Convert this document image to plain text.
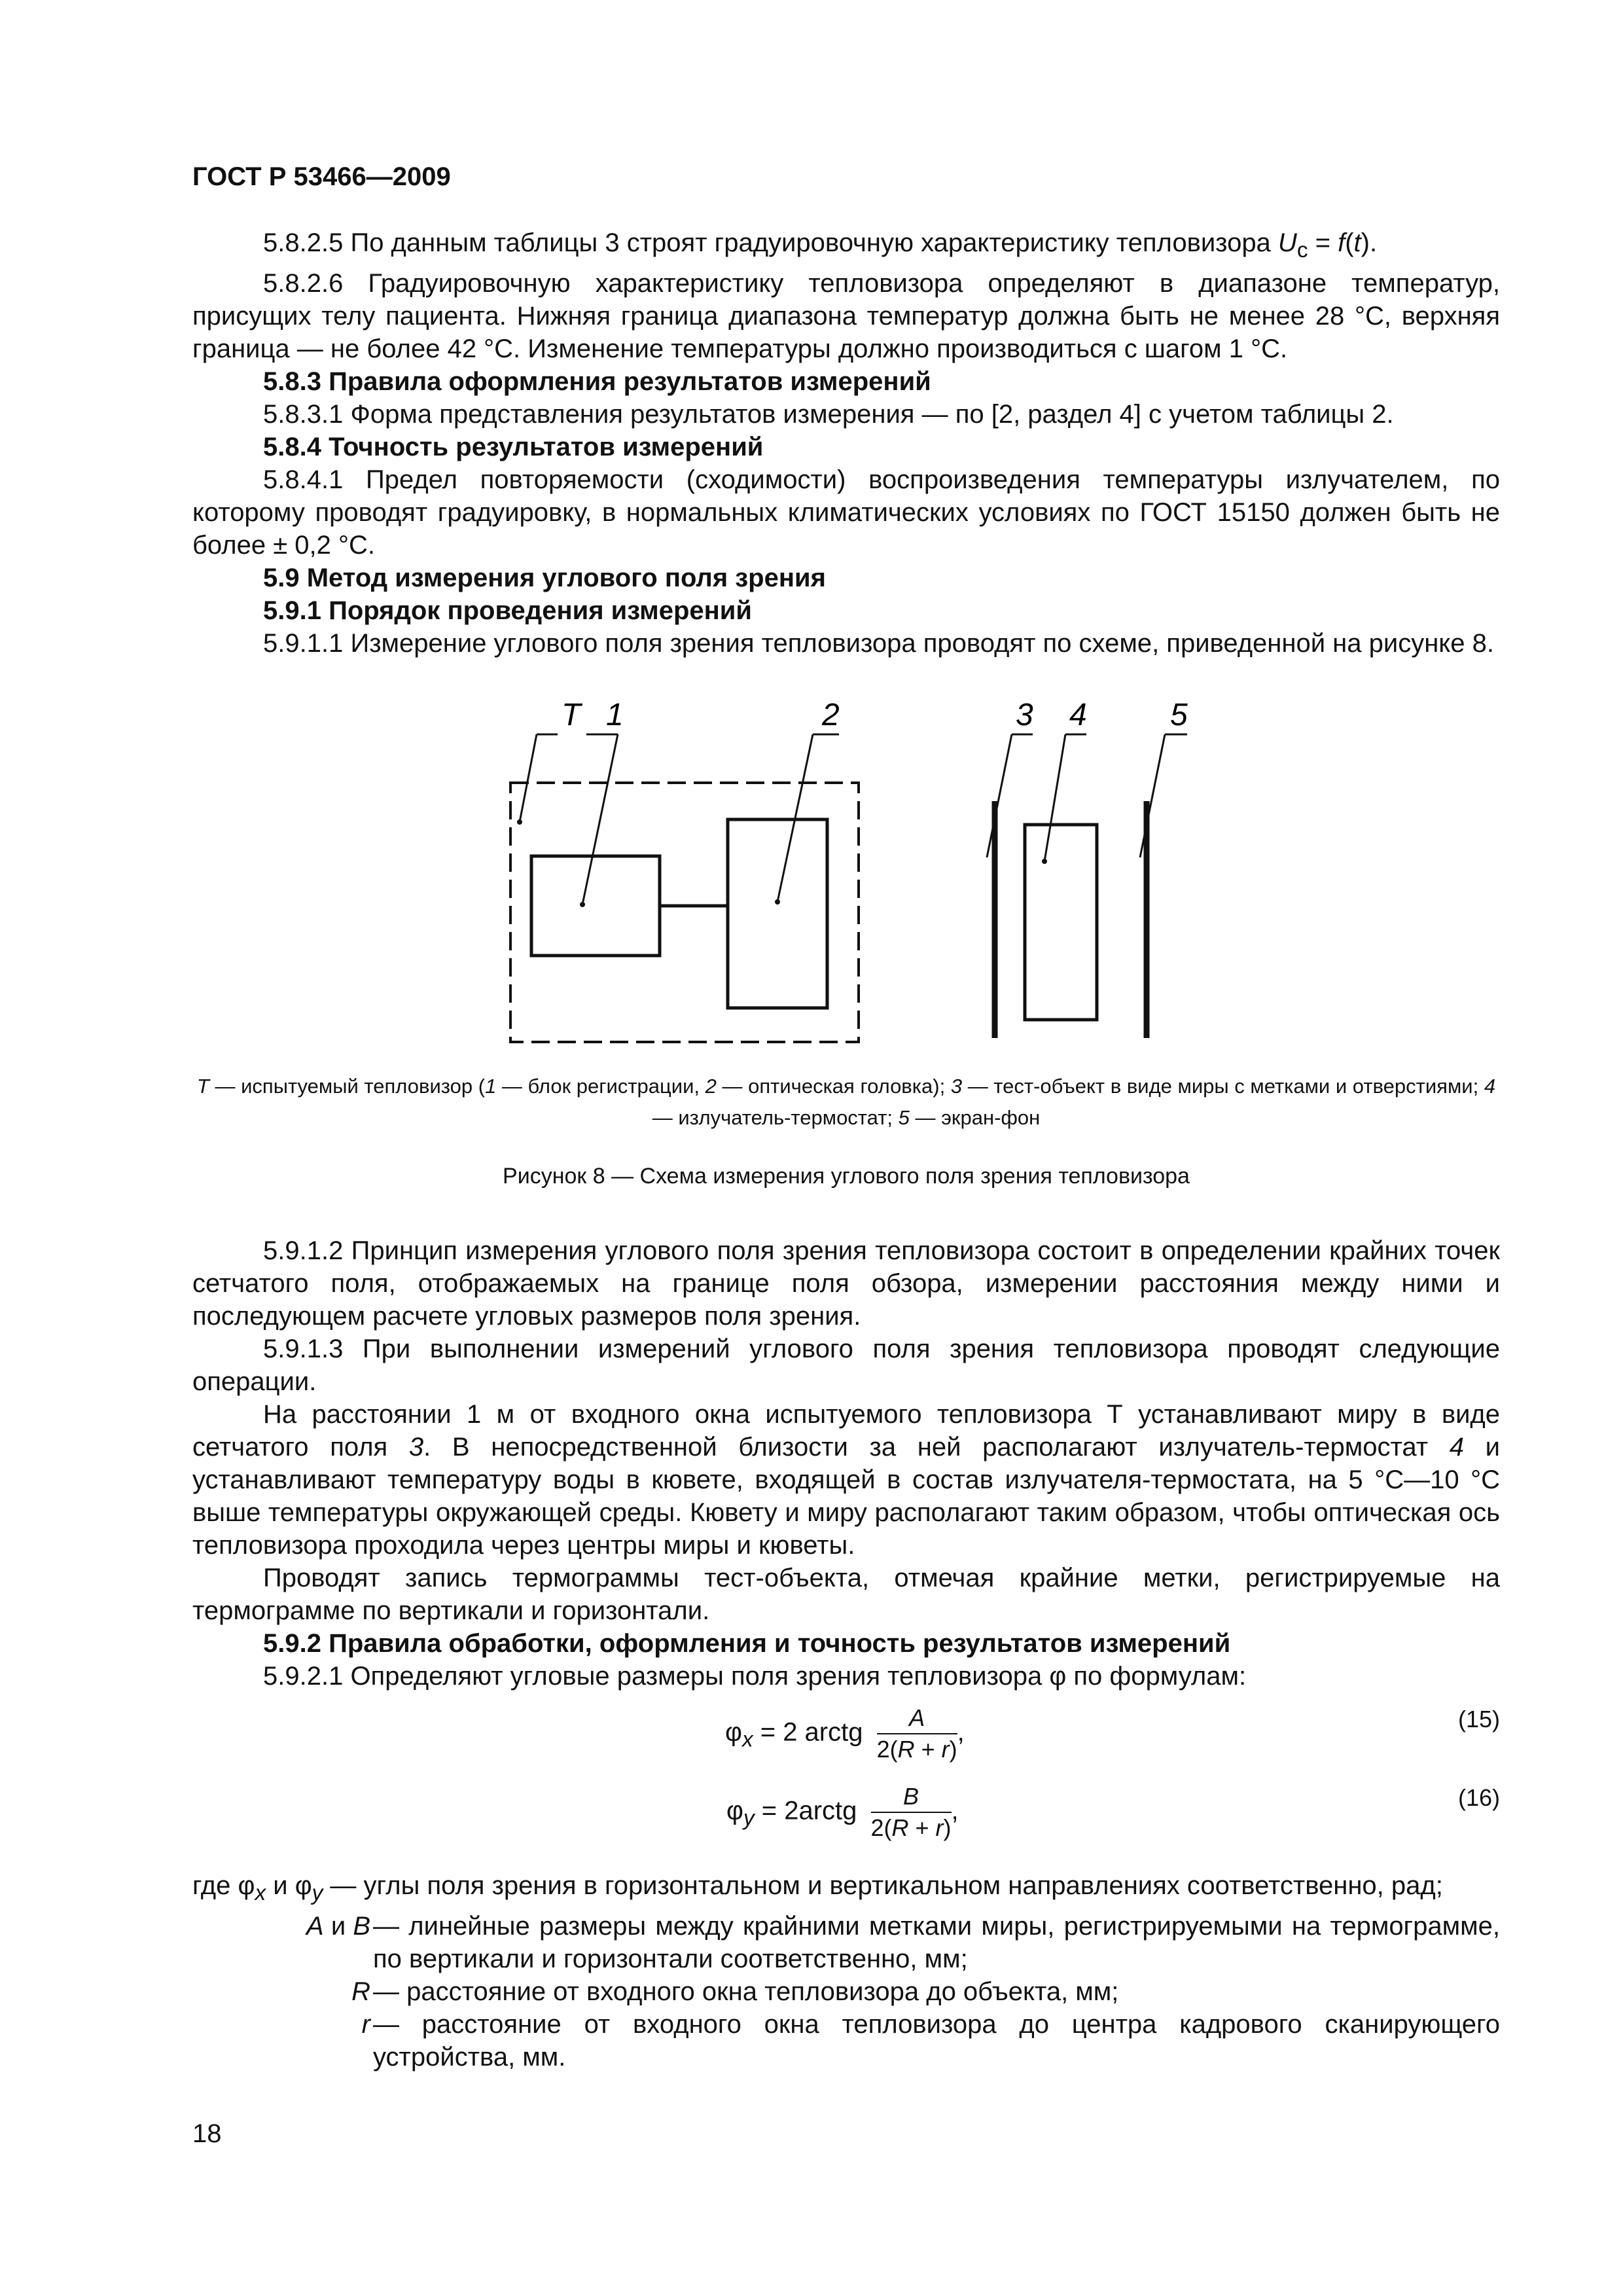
ГОСТ Р 53466—2009

5.8.2.5 По данным таблицы 3 строят градуировочную характеристику тепловизора $U_c = f(t)$.

5.8.2.6 Градуировочную характеристику тепловизора определяют в диапазоне температур, присущих телу пациента. Нижняя граница диапазона температур должна быть не менее 28 °С, верхняя граница — не более 42 °С. Изменение температуры должно производиться с шагом 1 °С.

5.8.3 Правила оформления результатов измерений

5.8.3.1 Форма представления результатов измерения — по [2, раздел 4] с учетом таблицы 2.

5.8.4 Точность результатов измерений

5.8.4.1 Предел повторяемости (сходимости) воспроизведения температуры излучателем, по которому проводят градуировку, в нормальных климатических условиях по ГОСТ 15150 должен быть не более ± 0,2 °С.

5.9 Метод измерения углового поля зрения

5.9.1 Порядок проведения измерений

5.9.1.1 Измерение углового поля зрения тепловизора проводят по схеме, приведенной на рисунке 8.

T 1	2	3 4	5
T — испытуемый тепловизор (1 — блок регистрации, 2 — оптическая головка); 3 — тест-объект в виде миры с метками и отверстиями; 4 — излучатель-термостат; 5 — экран-фон
Рисунок 8 — Схема измерения углового поля зрения тепловизора

5.9.1.2 Принцип измерения углового поля зрения тепловизора состоит в определении крайних точек сетчатого поля, отображаемых на границе поля обзора, измерении расстояния между ними и последующем расчете угловых размеров поля зрения.

5.9.1.3 При выполнении измерений углового поля зрения тепловизора проводят следующие операции.

На расстоянии 1 м от входного окна испытуемого тепловизора Т устанавливают миру в виде сетчатого поля 3. В непосредственной близости за ней располагают излучатель-термостат 4 и устанавливают температуру воды в кювете, входящей в состав излучателя-термостата, на 5 °С—10 °С выше температуры окружающей среды. Кювету и миру располагают таким образом, чтобы оптическая ось тепловизора проходила через центры миры и кюветы.

Проводят запись термограммы тест-объекта, отмечая крайние метки, регистрируемые на термограмме по вертикали и горизонтали.

5.9.2 Правила обработки, оформления и точность результатов измерений

5.9.2.1 Определяют угловые размеры поля зрения тепловизора φ по формулам:

$\varphi_x = 2$ arctg $\frac{A}{2(R + r)}$ ,	(15)
$\varphi_y$ = 2arctg $\frac{B}{2(R + r)}$ ,	(16)

где $\varphi_x$ и $\varphi_y$ — углы поля зрения в горизонтальном и вертикальном направлениях соответственно, рад;

A и B — линейные размеры между крайними метками миры, регистрируемыми на термограмме, по вертикали и горизонтали соответственно, мм;

R — расстояние от входного окна тепловизора до объекта, мм;

r — расстояние от входного окна тепловизора до центра кадрового сканирующего устройства, мм.

18
